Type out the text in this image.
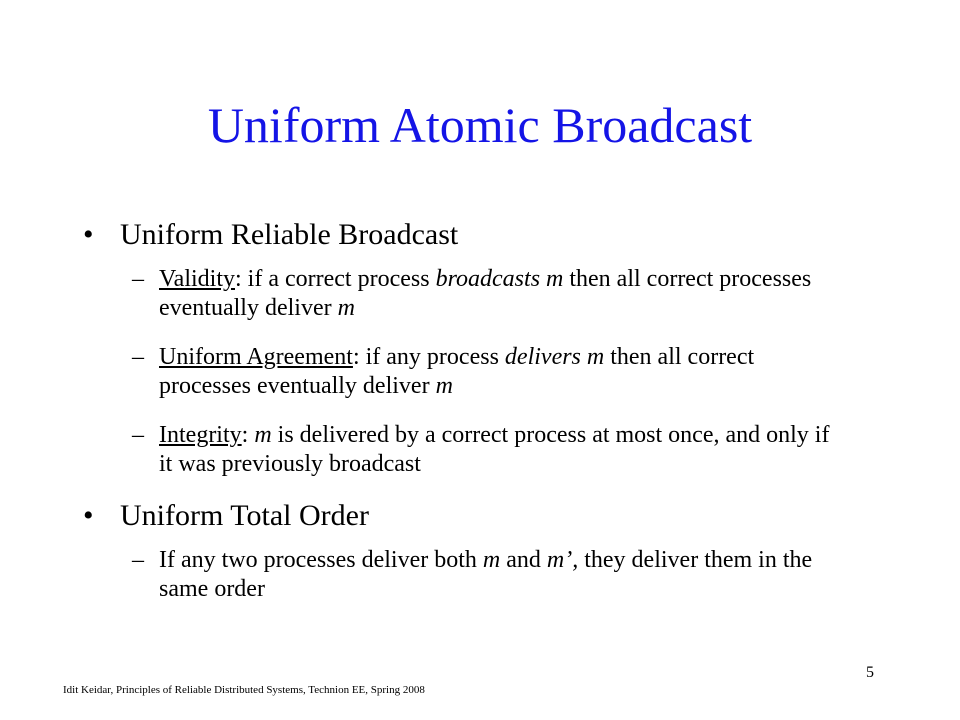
Uniform Atomic Broadcast
• Uniform Reliable Broadcast
– Validity: if a correct process broadcasts m then all correct processes eventually deliver m
– Uniform Agreement: if any process delivers m then all correct processes eventually deliver m
– Integrity: m is delivered by a correct process at most once, and only if it was previously broadcast
• Uniform Total Order
– If any two processes deliver both m and m’, they deliver them in the same order
Idit Keidar, Principles of Reliable Distributed Systems, Technion EE, Spring 2008
5
